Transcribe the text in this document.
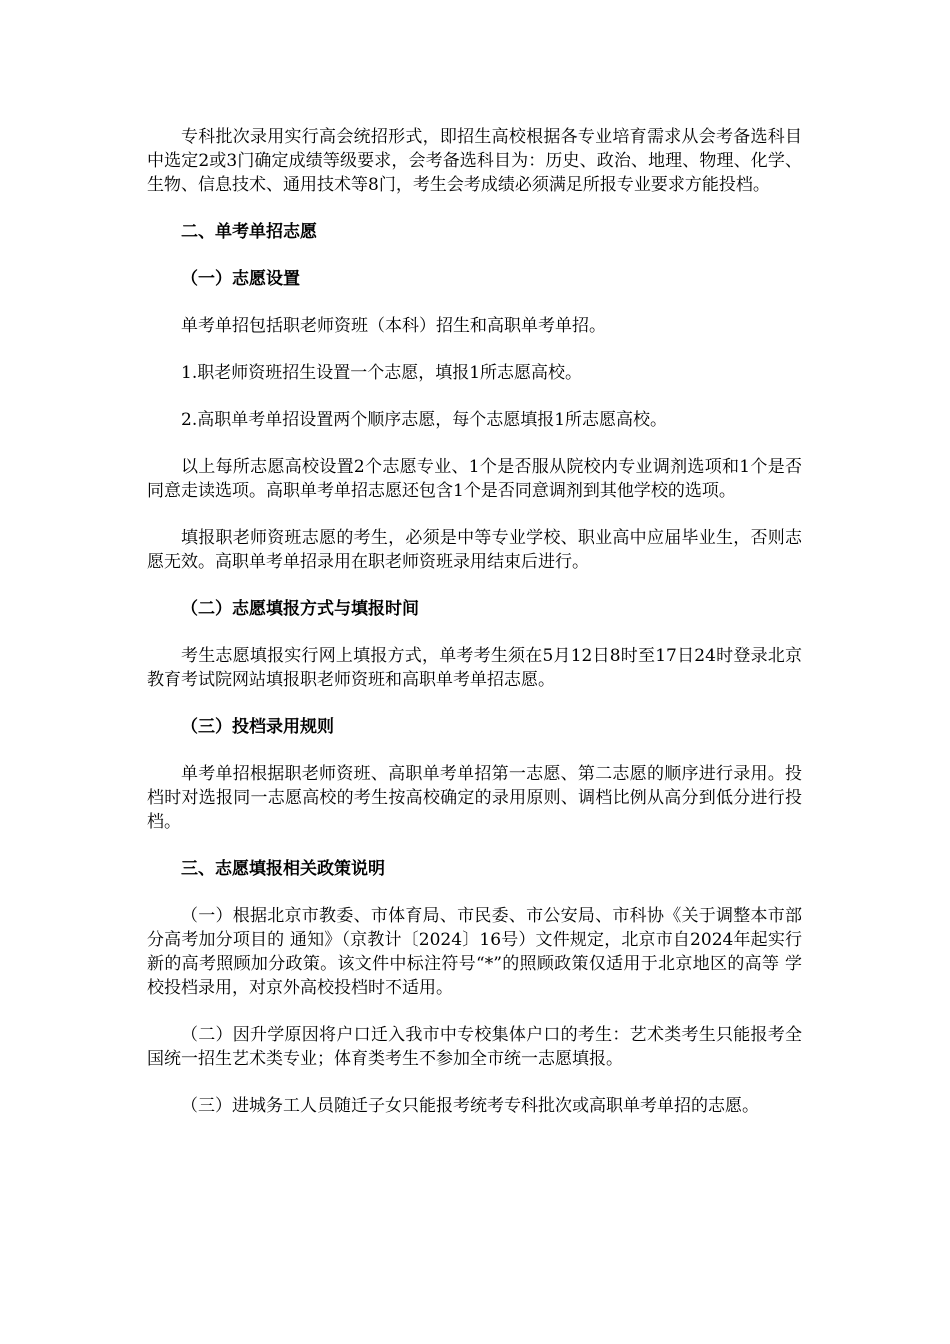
专科批次录用实行高会统招形式，即招生高校根据各专业培育需求从会考备选科目中选定2或3门确定成绩等级要求，会考备选科目为：历史、政治、地理、物理、化学、生物、信息技术、通用技术等8门，考生会考成绩必须满足所报专业要求方能投档。

二、单考单招志愿

（一）志愿设置

单考单招包括职老师资班（本科）招生和高职单考单招。

1.职老师资班招生设置一个志愿，填报1所志愿高校。

2.高职单考单招设置两个顺序志愿，每个志愿填报1所志愿高校。

以上每所志愿高校设置2个志愿专业、1个是否服从院校内专业调剂选项和1个是否同意走读选项。高职单考单招志愿还包含1个是否同意调剂到其他学校的选项。

填报职老师资班志愿的考生，必须是中等专业学校、职业高中应届毕业生，否则志愿无效。高职单考单招录用在职老师资班录用结束后进行。

（二）志愿填报方式与填报时间

考生志愿填报实行网上填报方式，单考考生须在5月12日8时至17日24时登录北京教育考试院网站填报职老师资班和高职单考单招志愿。

（三）投档录用规则

单考单招根据职老师资班、高职单考单招第一志愿、第二志愿的顺序进行录用。投档时对选报同一志愿高校的考生按高校确定的录用原则、调档比例从高分到低分进行投档。

三、志愿填报相关政策说明

（一）根据北京市教委、市体育局、市民委、市公安局、市科协《关于调整本市部分高考加分项目的 通知》（京教计〔2024〕16号）文件规定，北京市自2024年起实行新的高考照顾加分政策。该文件中标注符号“*”的照顾政策仅适用于北京地区的高等 学校投档录用，对京外高校投档时不适用。

（二）因升学原因将户口迁入我市中专校集体户口的考生：艺术类考生只能报考全国统一招生艺术类专业；体育类考生不参加全市统一志愿填报。

（三）进城务工人员随迁子女只能报考统考专科批次或高职单考单招的志愿。
